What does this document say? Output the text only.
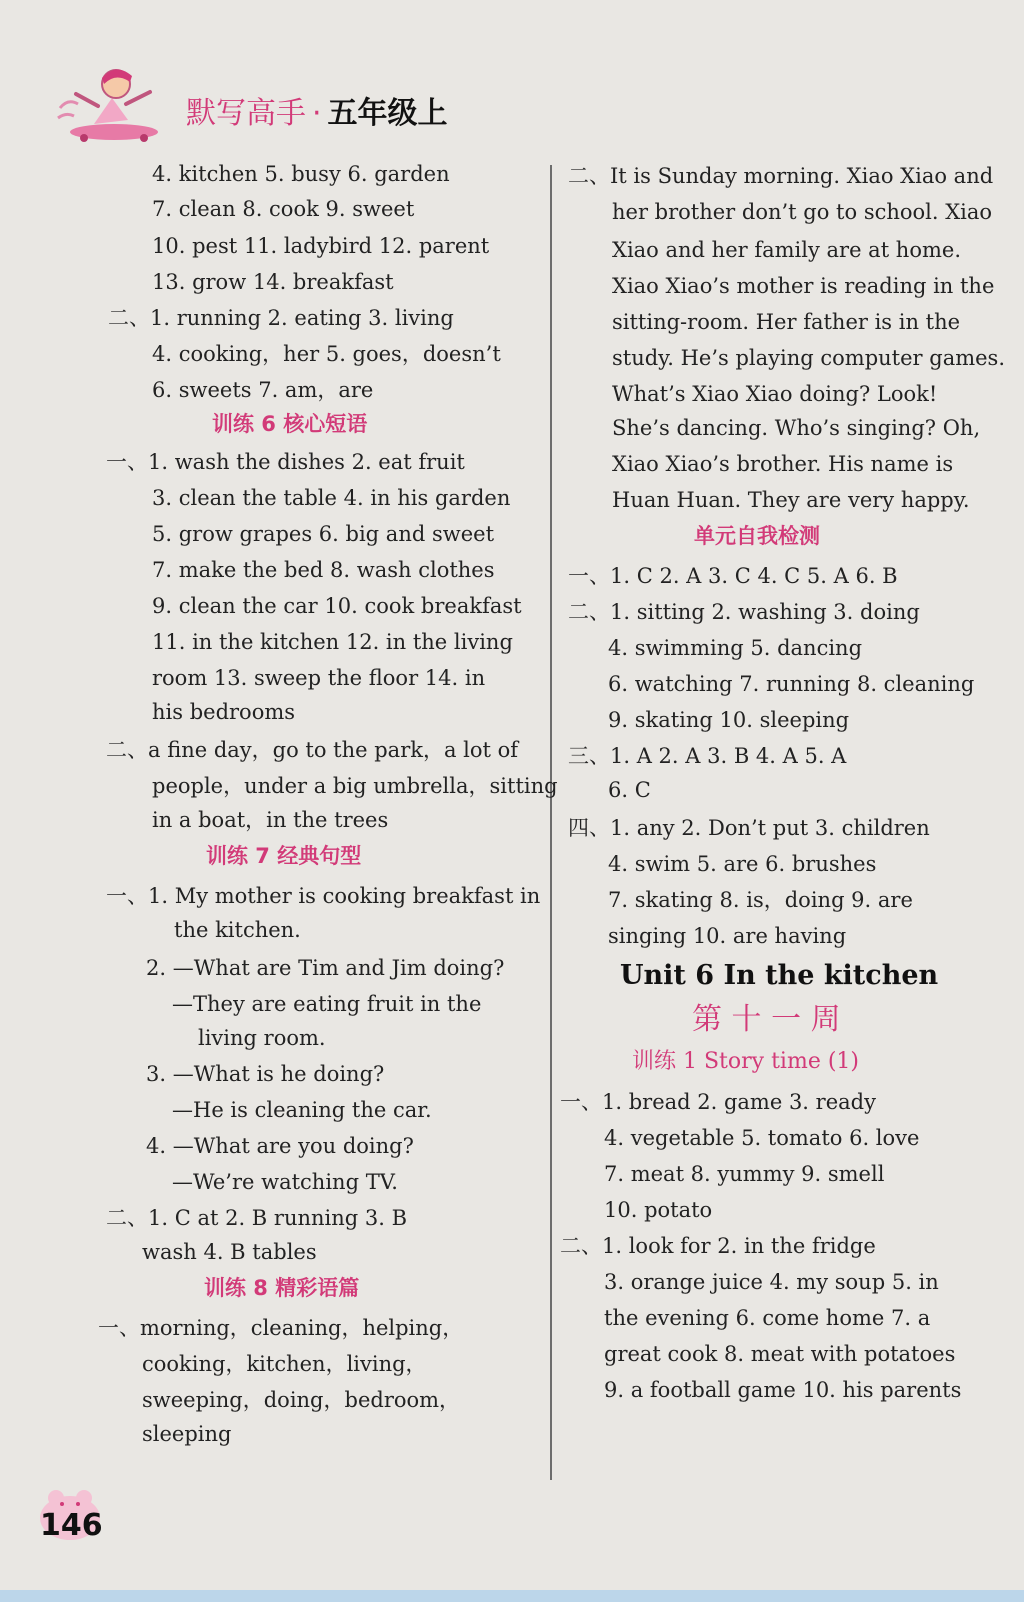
默写高手 · 五年级上
4. kitchen 5. busy 6. garden
7. clean 8. cook 9. sweet
10. pest 11. ladybird 12. parent
13. grow 14. breakfast
二、1. running 2. eating 3. living
4. cooking，her 5. goes，doesn’t
6. sweets 7. am，are
训练 6 核心短语
一、1. wash the dishes 2. eat fruit
3. clean the table 4. in his garden
5. grow grapes 6. big and sweet
7. make the bed 8. wash clothes
9. clean the car 10. cook breakfast
11. in the kitchen 12. in the living
room 13. sweep the floor 14. in
his bedrooms
二、a fine day，go to the park，a lot of
people，under a big umbrella，sitting
in a boat，in the trees
训练 7 经典句型
一、1. My mother is cooking breakfast in
the kitchen.
2. —What are Tim and Jim doing?
—They are eating fruit in the
living room.
3. —What is he doing?
—He is cleaning the car.
4. —What are you doing?
—We’re watching TV.
二、1. C at 2. B running 3. B
wash 4. B tables
训练 8 精彩语篇
一、morning，cleaning，helping，
cooking，kitchen，living，
sweeping，doing，bedroom，
sleeping
二、It is Sunday morning. Xiao Xiao and
her brother don’t go to school. Xiao
Xiao and her family are at home.
Xiao Xiao’s mother is reading in the
sitting-room. Her father is in the
study. He’s playing computer games.
What’s Xiao Xiao doing? Look!
She’s dancing. Who’s singing? Oh,
Xiao Xiao’s brother. His name is
Huan Huan. They are very happy.
单元自我检测
一、1. C 2. A 3. C 4. C 5. A 6. B
二、1. sitting 2. washing 3. doing
4. swimming 5. dancing
6. watching 7. running 8. cleaning
9. skating 10. sleeping
三、1. A 2. A 3. B 4. A 5. A
6. C
四、1. any 2. Don’t put 3. children
4. swim 5. are 6. brushes
7. skating 8. is，doing 9. are
singing 10. are having
Unit 6 In the kitchen
第 十 一 周
训练 1 Story time (1)
一、1. bread 2. game 3. ready
4. vegetable 5. tomato 6. love
7. meat 8. yummy 9. smell
10. potato
二、1. look for 2. in the fridge
3. orange juice 4. my soup 5. in
the evening 6. come home 7. a
great cook 8. meat with potatoes
9. a football game 10. his parents
146
